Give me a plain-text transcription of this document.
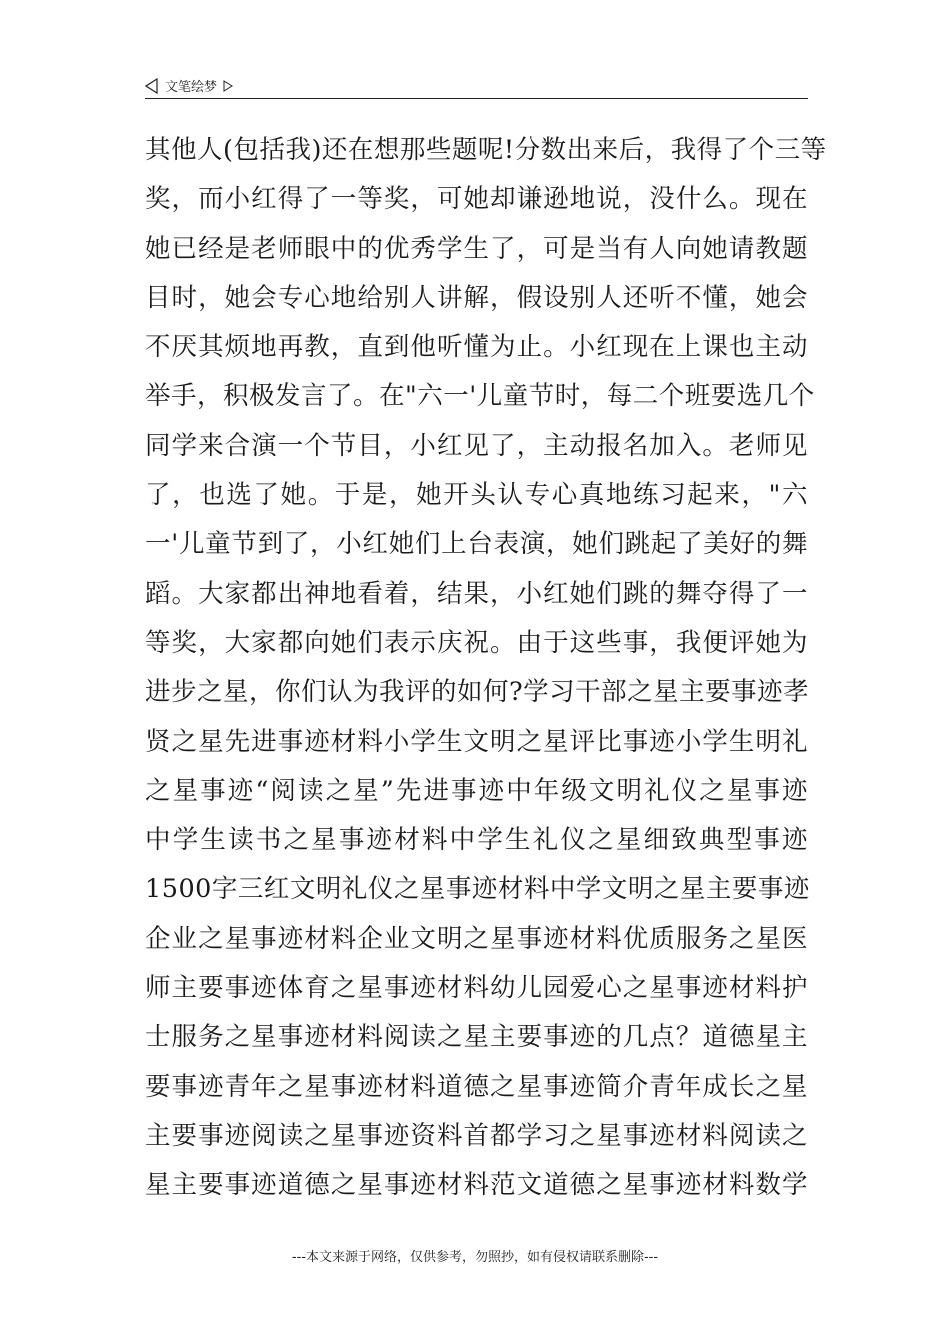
文笔绘梦
其他人(包括我)还在想那些题呢!分数出来后，我得了个三等
奖，而小红得了一等奖，可她却谦逊地说，没什么。现在
她已经是老师眼中的优秀学生了，可是当有人向她请教题
目时，她会专心地给别人讲解，假设别人还听不懂，她会
不厌其烦地再教，直到他听懂为止。小红现在上课也主动
举手，积极发言了。在"六一'儿童节时，每二个班要选几个
同学来合演一个节目，小红见了，主动报名加入。老师见
了，也选了她。于是，她开头认专心真地练习起来，"六
一'儿童节到了，小红她们上台表演，她们跳起了美好的舞
蹈。大家都出神地看着，结果，小红她们跳的舞夺得了一
等奖，大家都向她们表示庆祝。由于这些事，我便评她为
进步之星，你们认为我评的如何?学习干部之星主要事迹孝
贤之星先进事迹材料小学生文明之星评比事迹小学生明礼
之星事迹“阅读之星”先进事迹中年级文明礼仪之星事迹
中学生读书之星事迹材料中学生礼仪之星细致典型事迹
1500字三红文明礼仪之星事迹材料中学文明之星主要事迹
企业之星事迹材料企业文明之星事迹材料优质服务之星医
师主要事迹体育之星事迹材料幼儿园爱心之星事迹材料护
士服务之星事迹材料阅读之星主要事迹的几点？道德星主
要事迹青年之星事迹材料道德之星事迹简介青年成长之星
主要事迹阅读之星事迹资料首都学习之星事迹材料阅读之
星主要事迹道德之星事迹材料范文道德之星事迹材料数学
---本文来源于网络，仅供参考，勿照抄，如有侵权请联系删除---
